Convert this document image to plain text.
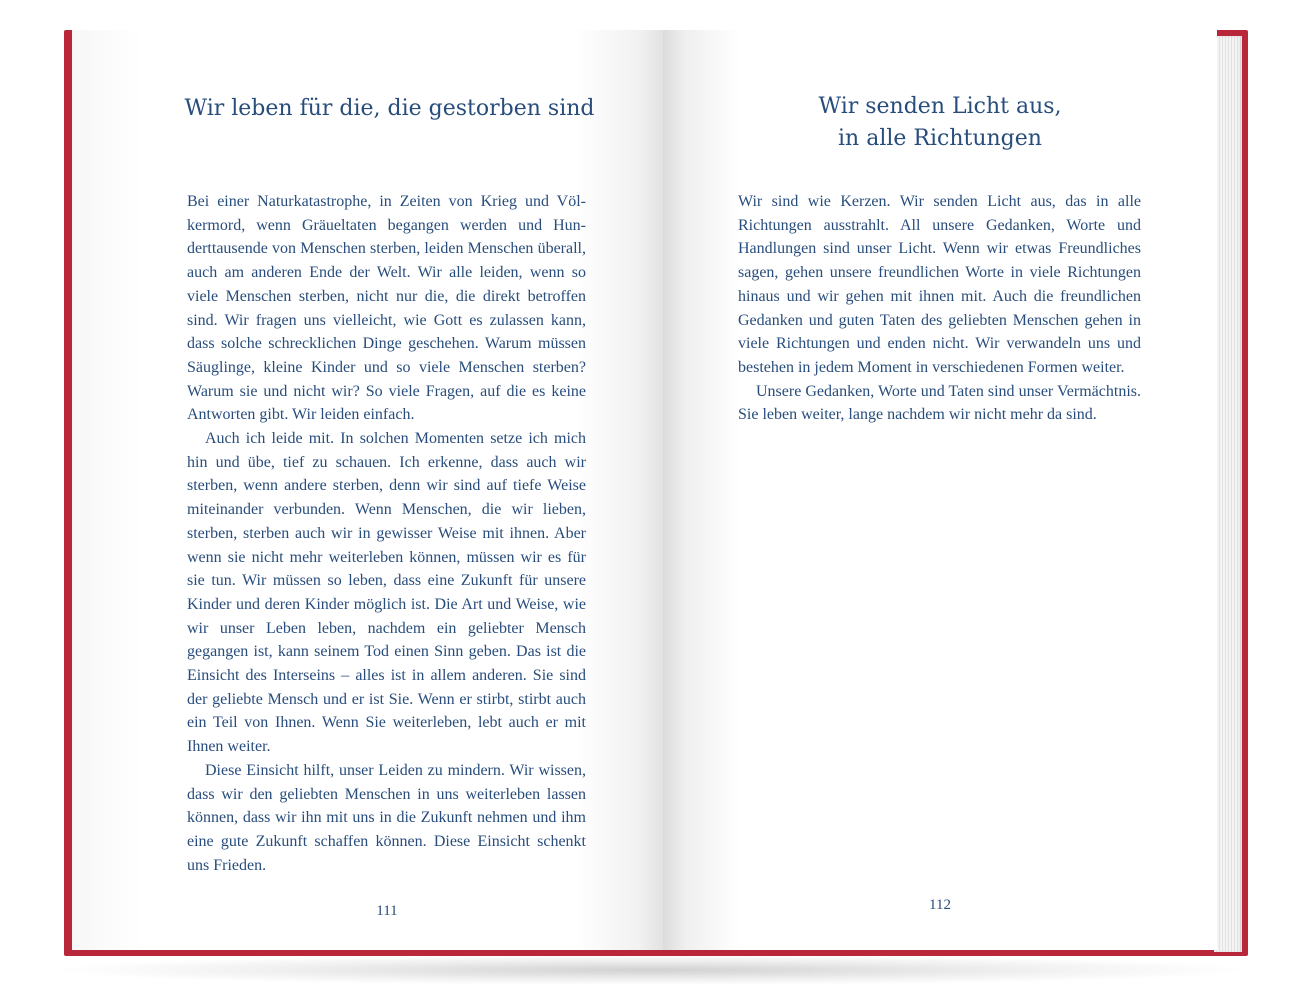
Wir leben für die, die gestorben sind

Bei einer Naturkatastrophe, in Zeiten von Krieg und Völkermord, wenn Gräueltaten begangen werden und Hunderttausende von Menschen sterben, leiden Menschen überall, auch am anderen Ende der Welt. Wir alle leiden, wenn so viele Menschen sterben, nicht nur die, die direkt betroffen sind. Wir fragen uns vielleicht, wie Gott es zulassen kann, dass solche schrecklichen Dinge geschehen. Warum müssen Säuglinge, kleine Kinder und so viele Menschen sterben? Warum sie und nicht wir? So viele Fragen, auf die es keine Antworten gibt. Wir leiden einfach.

Auch ich leide mit. In solchen Momenten setze ich mich hin und übe, tief zu schauen. Ich erkenne, dass auch wir sterben, wenn andere sterben, denn wir sind auf tiefe Weise miteinander verbunden. Wenn Menschen, die wir lieben, sterben, sterben auch wir in gewisser Weise mit ihnen. Aber wenn sie nicht mehr weiterleben können, müssen wir es für sie tun. Wir müssen so leben, dass eine Zukunft für unsere Kinder und deren Kinder möglich ist. Die Art und Weise, wie wir unser Leben leben, nachdem ein geliebter Mensch gegangen ist, kann seinem Tod einen Sinn geben. Das ist die Einsicht des Interseins – alles ist in allem anderen. Sie sind der geliebte Mensch und er ist Sie. Wenn er stirbt, stirbt auch ein Teil von Ihnen. Wenn Sie weiterleben, lebt auch er mit Ihnen weiter.

Diese Einsicht hilft, unser Leiden zu mindern. Wir wissen, dass wir den geliebten Menschen in uns weiterleben lassen können, dass wir ihn mit uns in die Zukunft nehmen und ihm eine gute Zukunft schaffen können. Diese Einsicht schenkt uns Frieden.

111
Wir senden Licht aus,
in alle Richtungen

Wir sind wie Kerzen. Wir senden Licht aus, das in alle Richtungen ausstrahlt. All unsere Gedanken, Worte und Handlungen sind unser Licht. Wenn wir etwas Freundliches sagen, gehen unsere freundlichen Worte in viele Richtungen hinaus und wir gehen mit ihnen mit. Auch die freundlichen Gedanken und guten Taten des geliebten Menschen gehen in viele Richtungen und enden nicht. Wir verwandeln uns und bestehen in jedem Moment in verschiedenen Formen weiter.

Unsere Gedanken, Worte und Taten sind unser Vermächtnis. Sie leben weiter, lange nachdem wir nicht mehr da sind.

112
